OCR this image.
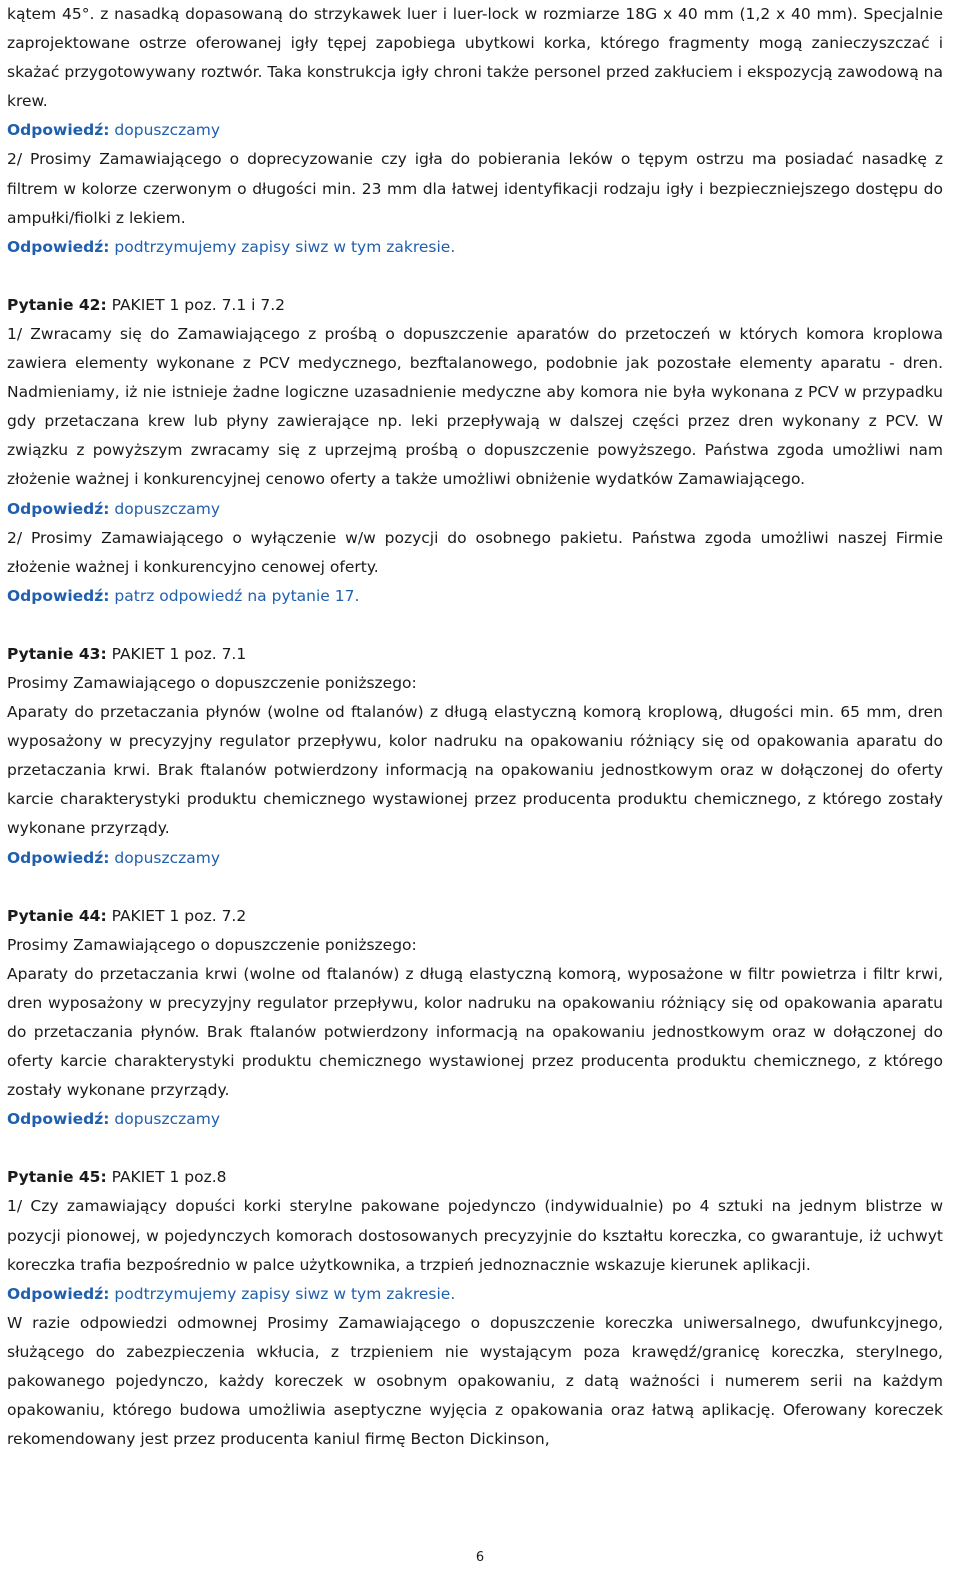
kątem 45°. z nasadką dopasowaną do strzykawek luer i luer-lock w rozmiarze 18G x 40 mm (1,2 x 40 mm). Specjalnie zaprojektowane ostrze oferowanej igły tępej zapobiega ubytkowi korka, którego fragmenty mogą zanieczyszczać i skażać przygotowywany roztwór. Taka konstrukcja igły chroni także personel przed zakłuciem i ekspozycją zawodową na krew.

Odpowiedź: dopuszczamy

2/ Prosimy Zamawiającego o doprecyzowanie czy igła do pobierania leków o tępym ostrzu ma posiadać nasadkę z filtrem w kolorze czerwonym o długości min. 23 mm dla łatwej identyfikacji rodzaju igły i bezpieczniejszego dostępu do ampułki/fiolki z lekiem.

Odpowiedź: podtrzymujemy zapisy siwz w tym zakresie.

Pytanie 42: PAKIET 1 poz. 7.1 i 7.2

1/ Zwracamy się do Zamawiającego z prośbą o dopuszczenie aparatów do przetoczeń w których komora kroplowa zawiera elementy wykonane z PCV medycznego, bezftalanowego, podobnie jak pozostałe elementy aparatu - dren. Nadmieniamy, iż nie istnieje żadne logiczne uzasadnienie medyczne aby komora nie była wykonana z PCV w przypadku gdy przetaczana krew lub płyny zawierające np. leki przepływają w dalszej części przez dren wykonany z PCV. W związku z powyższym zwracamy się z uprzejmą prośbą o dopuszczenie powyższego. Państwa zgoda umożliwi nam złożenie ważnej i konkurencyjnej cenowo oferty a także umożliwi obniżenie wydatków Zamawiającego.

Odpowiedź: dopuszczamy

2/ Prosimy Zamawiającego o wyłączenie w/w pozycji do osobnego pakietu. Państwa zgoda umożliwi naszej Firmie złożenie ważnej i konkurencyjno cenowej oferty.

Odpowiedź: patrz odpowiedź na pytanie 17.

Pytanie 43: PAKIET 1 poz. 7.1

Prosimy Zamawiającego o dopuszczenie poniższego:

Aparaty do przetaczania płynów (wolne od ftalanów) z długą elastyczną komorą kroplową, długości min. 65 mm, dren wyposażony w precyzyjny regulator przepływu, kolor nadruku na opakowaniu różniący się od opakowania aparatu do przetaczania krwi. Brak ftalanów potwierdzony informacją na opakowaniu jednostkowym oraz w dołączonej do oferty karcie charakterystyki produktu chemicznego wystawionej przez producenta produktu chemicznego, z którego zostały wykonane przyrządy.

Odpowiedź: dopuszczamy

Pytanie 44: PAKIET 1 poz. 7.2

Prosimy Zamawiającego o dopuszczenie poniższego:

Aparaty do przetaczania krwi (wolne od ftalanów) z długą elastyczną komorą, wyposażone w filtr powietrza i filtr krwi, dren wyposażony w precyzyjny regulator przepływu, kolor nadruku na opakowaniu różniący się od opakowania aparatu do przetaczania płynów. Brak ftalanów potwierdzony informacją na opakowaniu jednostkowym oraz w dołączonej do oferty karcie charakterystyki produktu chemicznego wystawionej przez producenta produktu chemicznego, z którego zostały wykonane przyrządy.

Odpowiedź: dopuszczamy

Pytanie 45: PAKIET 1 poz.8

1/ Czy zamawiający dopuści korki sterylne pakowane pojedynczo (indywidualnie) po 4 sztuki na jednym blistrze w pozycji pionowej, w pojedynczych komorach dostosowanych precyzyjnie do kształtu koreczka, co gwarantuje, iż uchwyt koreczka trafia bezpośrednio w palce użytkownika, a trzpień jednoznacznie wskazuje kierunek aplikacji.

Odpowiedź: podtrzymujemy zapisy siwz w tym zakresie.

W razie odpowiedzi odmownej Prosimy Zamawiającego o dopuszczenie koreczka uniwersalnego, dwufunkcyjnego, służącego do zabezpieczenia wkłucia, z trzpieniem nie wystającym poza krawędź/granicę koreczka, sterylnego, pakowanego pojedynczo, każdy koreczek w osobnym opakowaniu, z datą ważności i numerem serii na każdym opakowaniu, którego budowa umożliwia aseptyczne wyjęcia z opakowania oraz łatwą aplikację. Oferowany koreczek rekomendowany jest przez producenta kaniul firmę Becton Dickinson,

6
